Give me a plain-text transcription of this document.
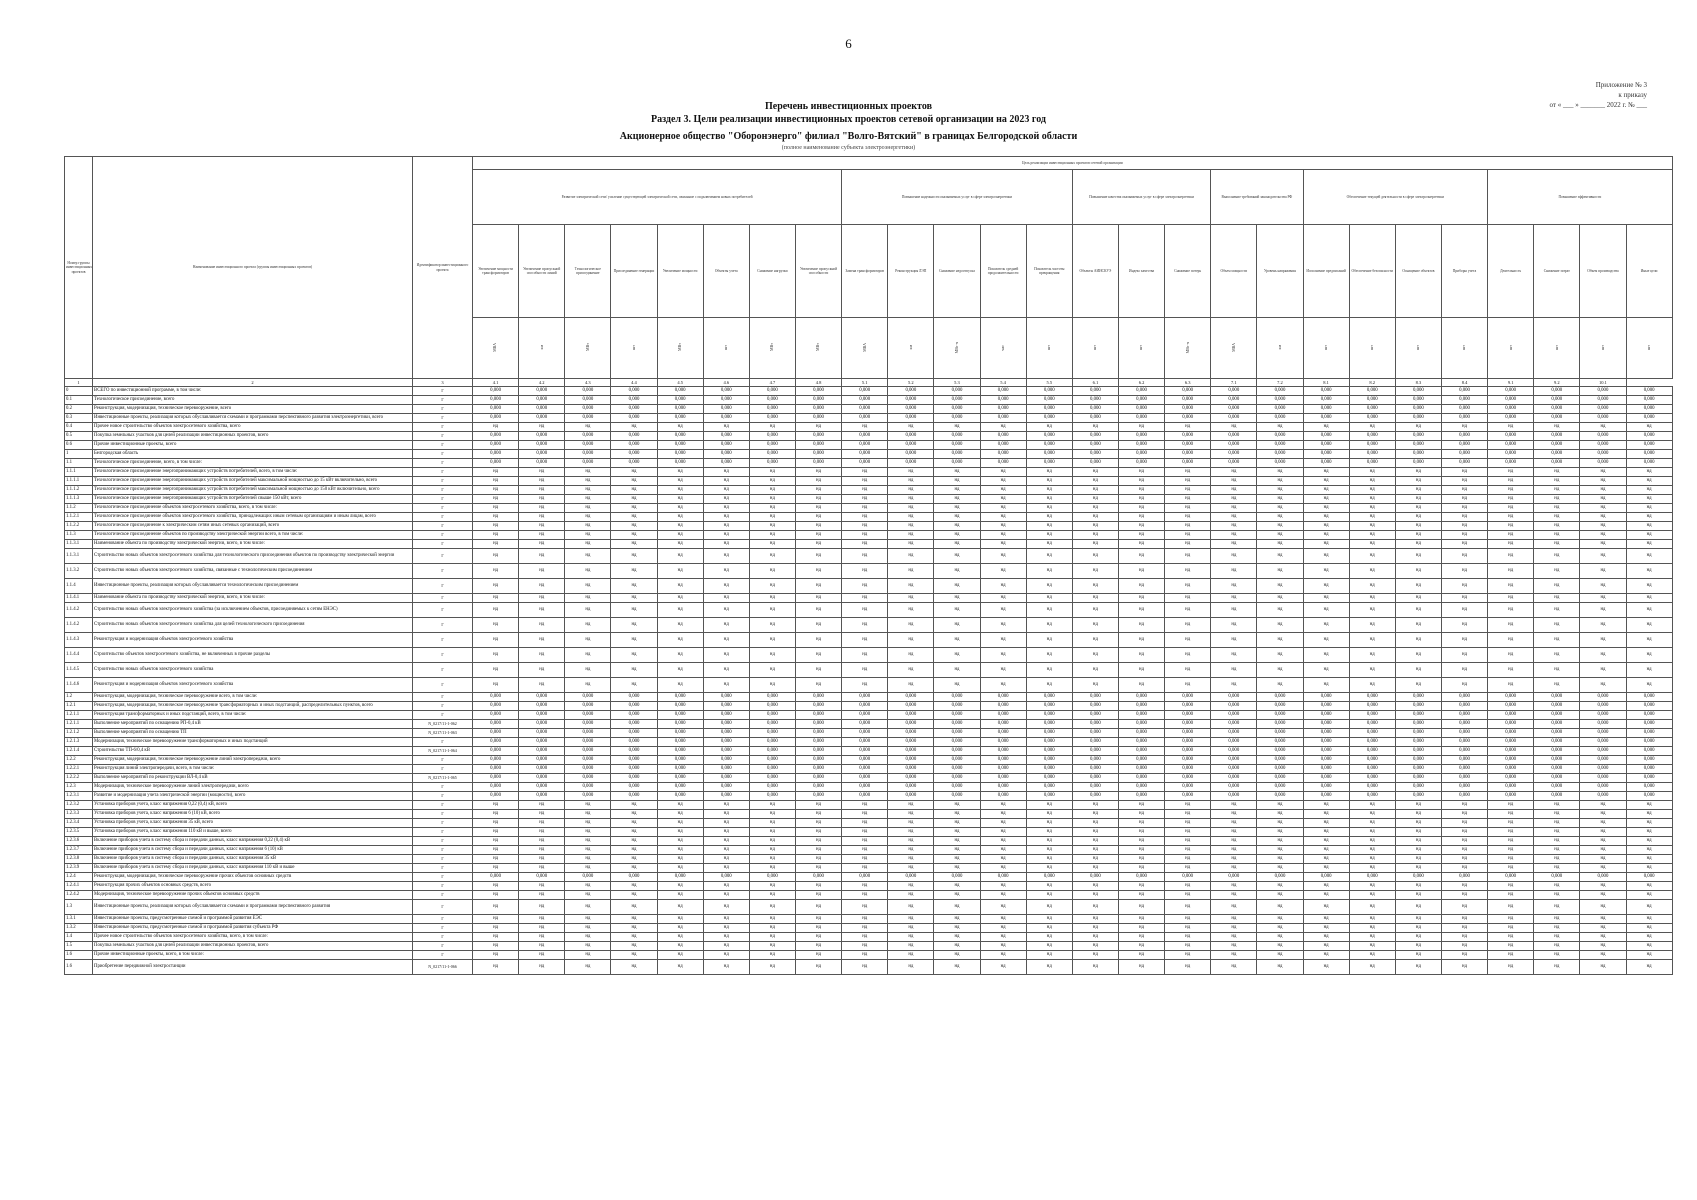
6
Приложение № 3
к приказу
от « ___ » _______ 2022 г. № ___
Перечень инвестиционных проектов
Раздел 3. Цели реализации инвестиционных проектов сетевой организации на 2023 год
Акционерное общество "Оборонэнерго" филиал "Волго-Вятский" в границах Белгородской области
(полное наименование субъекта электроэнергетики)
Номер группы инвестиционных проектов	Наименование инвестиционного проекта (группы инвестиционных проектов)	Идентификатор инвестиционного проекта	Цель реализации инвестиционных проектов сетевой организации																									
			Развитие электрической сети/ усиление существующей электрической сети, связанное с подключением новых потребителей								Повышение надежности оказываемых услуг в сфере электроэнергетики					Повышение качества оказываемых услуг в сфере электроэнергетики			Выполнение требований законодательства РФ		Обеспечение текущей деятельности в сфере электроэнергетики				Повышение эффективности			
			Увеличение мощности трансформаторов	Увеличение пропускной способности линий	Технологическое присоединение	Присоединение генерации	Увеличение мощности	Объекты учета	Снижение нагрузки	Увеличение пропускной способности	Замена трансформаторов	Реконструкция ЛЭП	Снижение недоотпуска	Показатель средней продолжительности	Показатель частоты прекращения	Объекты АИИСКУЭ	Индекс качества	Снижение потерь	Объем мощности	Уровень напряжения	Исполнение предписаний	Обеспечение безопасности	Оснащение объектов	Приборы учета	Деятельность	Снижение затрат	Объем производства	Иные цели
			МВА	км	МВт	шт	МВт	шт	МВт	МВт	МВА	км	МВт·ч	час	шт	шт	шт	МВт·ч	МВА	км	шт	шт	шт	шт	шт	шт	шт	шт
1	2	3	4.1	4.2	4.3	4.4	4.5	4.6	4.7	4.8	5.1	5.2	5.3	5.4	5.5	6.1	6.2	6.3	7.1	7.2	8.1	8.2	8.3	8.4	9.1	9.2	10.1	
0	ВСЕГО по инвестиционной программе, в том числе:	Г	0,000	0,000	0,000	0,000	0,000	0,000	0,000	0,000	0,000	0,000	0,000	0,000	0,000	0,000	0,000	0,000	0,000	0,000	0,000	0,000	0,000	0,000	0,000	0,000	0,000	0,000
0.1	Технологическое присоединение, всего	Г	0,000	0,000	0,000	0,000	0,000	0,000	0,000	0,000	0,000	0,000	0,000	0,000	0,000	0,000	0,000	0,000	0,000	0,000	0,000	0,000	0,000	0,000	0,000	0,000	0,000	0,000
0.2	Реконструкция, модернизация, техническое перевооружение, всего	Г	0,000	0,000	0,000	0,000	0,000	0,000	0,000	0,000	0,000	0,000	0,000	0,000	0,000	0,000	0,000	0,000	0,000	0,000	0,000	0,000	0,000	0,000	0,000	0,000	0,000	0,000
0.3	Инвестиционные проекты, реализация которых обуславливается схемами и программами перспективного развития электроэнергетики, всего	Г	0,000	0,000	0,000	0,000	0,000	0,000	0,000	0,000	0,000	0,000	0,000	0,000	0,000	0,000	0,000	0,000	0,000	0,000	0,000	0,000	0,000	0,000	0,000	0,000	0,000	0,000
0.4	Прочее новое строительство объектов электросетевого хозяйства, всего	Г	нд	нд	нд	нд	нд	нд	нд	нд	нд	нд	нд	нд	нд	нд	нд	нд	нд	нд	нд	нд	нд	нд	нд	нд	нд	нд
0.5	Покупка земельных участков для целей реализации инвестиционных проектов, всего	Г	0,000	0,000	0,000	0,000	0,000	0,000	0,000	0,000	0,000	0,000	0,000	0,000	0,000	0,000	0,000	0,000	0,000	0,000	0,000	0,000	0,000	0,000	0,000	0,000	0,000	0,000
0.6	Прочие инвестиционные проекты, всего	Г	0,000	0,000	0,000	0,000	0,000	0,000	0,000	0,000	0,000	0,000	0,000	0,000	0,000	0,000	0,000	0,000	0,000	0,000	0,000	0,000	0,000	0,000	0,000	0,000	0,000	0,000
1	Белгородская область	Г	0,000	0,000	0,000	0,000	0,000	0,000	0,000	0,000	0,000	0,000	0,000	0,000	0,000	0,000	0,000	0,000	0,000	0,000	0,000	0,000	0,000	0,000	0,000	0,000	0,000	0,000
1.1	Технологическое присоединение, всего, в том числе:	Г	0,000	0,000	0,000	0,000	0,000	0,000	0,000	0,000	0,000	0,000	0,000	0,000	0,000	0,000	0,000	0,000	0,000	0,000	0,000	0,000	0,000	0,000	0,000	0,000	0,000	0,000
1.1.1	Технологическое присоединение энергопринимающих устройств потребителей, всего, в том числе:	Г	нд	нд	нд	нд	нд	нд	нд	нд	нд	нд	нд	нд	нд	нд	нд	нд	нд	нд	нд	нд	нд	нд	нд	нд	нд	нд
1.1.1.1	Технологическое присоединение энергопринимающих устройств потребителей максимальной мощностью до 15 кВт включительно, всего	Г	нд	нд	нд	нд	нд	нд	нд	нд	нд	нд	нд	нд	нд	нд	нд	нд	нд	нд	нд	нд	нд	нд	нд	нд	нд	нд
1.1.1.2	Технологическое присоединение энергопринимающих устройств потребителей максимальной мощностью до 150 кВт включительно, всего	Г	нд	нд	нд	нд	нд	нд	нд	нд	нд	нд	нд	нд	нд	нд	нд	нд	нд	нд	нд	нд	нд	нд	нд	нд	нд	нд
1.1.1.3	Технологическое присоединение энергопринимающих устройств потребителей свыше 150 кВт, всего	Г	нд	нд	нд	нд	нд	нд	нд	нд	нд	нд	нд	нд	нд	нд	нд	нд	нд	нд	нд	нд	нд	нд	нд	нд	нд	нд
1.1.2	Технологическое присоединение объектов электросетевого хозяйства, всего, в том числе:	Г	нд	нд	нд	нд	нд	нд	нд	нд	нд	нд	нд	нд	нд	нд	нд	нд	нд	нд	нд	нд	нд	нд	нд	нд	нд	нд
1.1.2.1	Технологическое присоединение объектов электросетевого хозяйства, принадлежащих иным сетевым организациям и иным лицам, всего	Г	нд	нд	нд	нд	нд	нд	нд	нд	нд	нд	нд	нд	нд	нд	нд	нд	нд	нд	нд	нд	нд	нд	нд	нд	нд	нд
1.1.2.2	Технологическое присоединение к электрическим сетям иных сетевых организаций, всего	Г	нд	нд	нд	нд	нд	нд	нд	нд	нд	нд	нд	нд	нд	нд	нд	нд	нд	нд	нд	нд	нд	нд	нд	нд	нд	нд
1.1.3	Технологическое присоединение объектов по производству электрической энергии всего, в том числе:	Г	нд	нд	нд	нд	нд	нд	нд	нд	нд	нд	нд	нд	нд	нд	нд	нд	нд	нд	нд	нд	нд	нд	нд	нд	нд	нд
1.1.3.1	Наименование объекта по производству электрической энергии, всего, в том числе:	Г	нд	нд	нд	нд	нд	нд	нд	нд	нд	нд	нд	нд	нд	нд	нд	нд	нд	нд	нд	нд	нд	нд	нд	нд	нд	нд
1.1.3.1	Строительство новых объектов электросетевого хозяйства для технологического присоединения объектов по производству электрической энергии	Г	нд	нд	нд	нд	нд	нд	нд	нд	нд	нд	нд	нд	нд	нд	нд	нд	нд	нд	нд	нд	нд	нд	нд	нд	нд	нд
1.1.3.2	Строительство новых объектов электросетевого хозяйства, связанные с технологическим присоединением	Г	нд	нд	нд	нд	нд	нд	нд	нд	нд	нд	нд	нд	нд	нд	нд	нд	нд	нд	нд	нд	нд	нд	нд	нд	нд	нд
1.1.4	Инвестиционные проекты, реализация которых обуславливается технологическим присоединением	Г	нд	нд	нд	нд	нд	нд	нд	нд	нд	нд	нд	нд	нд	нд	нд	нд	нд	нд	нд	нд	нд	нд	нд	нд	нд	нд
1.1.4.1	Наименование объекта по производству электрической энергии, всего, в том числе:	Г	нд	нд	нд	нд	нд	нд	нд	нд	нд	нд	нд	нд	нд	нд	нд	нд	нд	нд	нд	нд	нд	нд	нд	нд	нд	нд
1.1.4.2	Строительство новых объектов электросетевого хозяйства (за исключением объектов, присоединяемых к сетям ЕНЭС)	Г	нд	нд	нд	нд	нд	нд	нд	нд	нд	нд	нд	нд	нд	нд	нд	нд	нд	нд	нд	нд	нд	нд	нд	нд	нд	нд
1.1.4.2	Строительство новых объектов электросетевого хозяйства для целей технологического присоединения	Г	нд	нд	нд	нд	нд	нд	нд	нд	нд	нд	нд	нд	нд	нд	нд	нд	нд	нд	нд	нд	нд	нд	нд	нд	нд	нд
1.1.4.3	Реконструкция и модернизация объектов электросетевого хозяйства	Г	нд	нд	нд	нд	нд	нд	нд	нд	нд	нд	нд	нд	нд	нд	нд	нд	нд	нд	нд	нд	нд	нд	нд	нд	нд	нд
1.1.4.4	Строительство объектов электросетевого хозяйства, не включенных в прочие разделы	Г	нд	нд	нд	нд	нд	нд	нд	нд	нд	нд	нд	нд	нд	нд	нд	нд	нд	нд	нд	нд	нд	нд	нд	нд	нд	нд
1.1.4.5	Строительство новых объектов электросетевого хозяйства	Г	нд	нд	нд	нд	нд	нд	нд	нд	нд	нд	нд	нд	нд	нд	нд	нд	нд	нд	нд	нд	нд	нд	нд	нд	нд	нд
1.1.4.6	Реконструкция и модернизация объектов электросетевого хозяйства	Г	нд	нд	нд	нд	нд	нд	нд	нд	нд	нд	нд	нд	нд	нд	нд	нд	нд	нд	нд	нд	нд	нд	нд	нд	нд	нд
1.2	Реконструкция, модернизация, техническое перевооружение всего, в том числе:	Г	0,000	0,000	0,000	0,000	0,000	0,000	0,000	0,000	0,000	0,000	0,000	0,000	0,000	0,000	0,000	0,000	0,000	0,000	0,000	0,000	0,000	0,000	0,000	0,000	0,000	0,000
1.2.1	Реконструкция, модернизация, техническое перевооружение трансформаторных и иных подстанций, распределительных пунктов, всего	Г	0,000	0,000	0,000	0,000	0,000	0,000	0,000	0,000	0,000	0,000	0,000	0,000	0,000	0,000	0,000	0,000	0,000	0,000	0,000	0,000	0,000	0,000	0,000	0,000	0,000	0,000
1.2.1.1	Реконструкция трансформаторных и иных подстанций, всего, в том числе:	Г	0,000	0,000	0,000	0,000	0,000	0,000	0,000	0,000	0,000	0,000	0,000	0,000	0,000	0,000	0,000	0,000	0,000	0,000	0,000	0,000	0,000	0,000	0,000	0,000	0,000	0,000
1.2.1.1	Выполнение мероприятий по оснащению РП-0,4 кВ	N_0217/11-1-062	0,000	0,000	0,000	0,000	0,000	0,000	0,000	0,000	0,000	0,000	0,000	0,000	0,000	0,000	0,000	0,000	0,000	0,000	0,000	0,000	0,000	0,000	0,000	0,000	0,000	0,000
1.2.1.2	Выполнение мероприятий по оснащению ТП	N_0217/11-1-063	0,000	0,000	0,000	0,000	0,000	0,000	0,000	0,000	0,000	0,000	0,000	0,000	0,000	0,000	0,000	0,000	0,000	0,000	0,000	0,000	0,000	0,000	0,000	0,000	0,000	0,000
1.2.1.3	Модернизация, техническое перевооружение трансформаторных и иных подстанций	Г	0,000	0,000	0,000	0,000	0,000	0,000	0,000	0,000	0,000	0,000	0,000	0,000	0,000	0,000	0,000	0,000	0,000	0,000	0,000	0,000	0,000	0,000	0,000	0,000	0,000	0,000
1.2.1.4	Строительство ТП-6/0,4 кВ	N_0217/11-1-064	0,000	0,000	0,000	0,000	0,000	0,000	0,000	0,000	0,000	0,000	0,000	0,000	0,000	0,000	0,000	0,000	0,000	0,000	0,000	0,000	0,000	0,000	0,000	0,000	0,000	0,000
1.2.2	Реконструкция, модернизация, техническое перевооружение линий электропередачи, всего	Г	0,000	0,000	0,000	0,000	0,000	0,000	0,000	0,000	0,000	0,000	0,000	0,000	0,000	0,000	0,000	0,000	0,000	0,000	0,000	0,000	0,000	0,000	0,000	0,000	0,000	0,000
1.2.2.1	Реконструкция линий электропередачи, всего, в том числе:	Г	0,000	0,000	0,000	0,000	0,000	0,000	0,000	0,000	0,000	0,000	0,000	0,000	0,000	0,000	0,000	0,000	0,000	0,000	0,000	0,000	0,000	0,000	0,000	0,000	0,000	0,000
1.2.2.2	Выполнение мероприятий по реконструкции ВЛ-0,4 кВ	N_0217/11-1-065	0,000	0,000	0,000	0,000	0,000	0,000	0,000	0,000	0,000	0,000	0,000	0,000	0,000	0,000	0,000	0,000	0,000	0,000	0,000	0,000	0,000	0,000	0,000	0,000	0,000	0,000
1.2.3	Модернизация, техническое перевооружение линий электропередачи, всего	Г	0,000	0,000	0,000	0,000	0,000	0,000	0,000	0,000	0,000	0,000	0,000	0,000	0,000	0,000	0,000	0,000	0,000	0,000	0,000	0,000	0,000	0,000	0,000	0,000	0,000	0,000
1.2.3.1	Развитие и модернизация учета электрической энергии (мощности), всего	Г	0,000	0,000	0,000	0,000	0,000	0,000	0,000	0,000	0,000	0,000	0,000	0,000	0,000	0,000	0,000	0,000	0,000	0,000	0,000	0,000	0,000	0,000	0,000	0,000	0,000	0,000
1.2.3.2	Установка приборов учета, класс напряжения 0,22 (0,4) кВ, всего	Г	нд	нд	нд	нд	нд	нд	нд	нд	нд	нд	нд	нд	нд	нд	нд	нд	нд	нд	нд	нд	нд	нд	нд	нд	нд	нд
1.2.3.3	Установка приборов учета, класс напряжения 6 (10) кВ, всего	Г	нд	нд	нд	нд	нд	нд	нд	нд	нд	нд	нд	нд	нд	нд	нд	нд	нд	нд	нд	нд	нд	нд	нд	нд	нд	нд
1.2.3.4	Установка приборов учета, класс напряжения 35 кВ, всего	Г	нд	нд	нд	нд	нд	нд	нд	нд	нд	нд	нд	нд	нд	нд	нд	нд	нд	нд	нд	нд	нд	нд	нд	нд	нд	нд
1.2.3.5	Установка приборов учета, класс напряжения 110 кВ и выше, всего	Г	нд	нд	нд	нд	нд	нд	нд	нд	нд	нд	нд	нд	нд	нд	нд	нд	нд	нд	нд	нд	нд	нд	нд	нд	нд	нд
1.2.3.6	Включение приборов учета в систему сбора и передачи данных, класс напряжения 0,22 (0,4) кВ	Г	нд	нд	нд	нд	нд	нд	нд	нд	нд	нд	нд	нд	нд	нд	нд	нд	нд	нд	нд	нд	нд	нд	нд	нд	нд	нд
1.2.3.7	Включение приборов учета в систему сбора и передачи данных, класс напряжения 6 (10) кВ	Г	нд	нд	нд	нд	нд	нд	нд	нд	нд	нд	нд	нд	нд	нд	нд	нд	нд	нд	нд	нд	нд	нд	нд	нд	нд	нд
1.2.3.8	Включение приборов учета в систему сбора и передачи данных, класс напряжения 35 кВ	Г	нд	нд	нд	нд	нд	нд	нд	нд	нд	нд	нд	нд	нд	нд	нд	нд	нд	нд	нд	нд	нд	нд	нд	нд	нд	нд
1.2.3.9	Включение приборов учета в систему сбора и передачи данных, класс напряжения 110 кВ и выше	Г	нд	нд	нд	нд	нд	нд	нд	нд	нд	нд	нд	нд	нд	нд	нд	нд	нд	нд	нд	нд	нд	нд	нд	нд	нд	нд
1.2.4	Реконструкция, модернизация, техническое перевооружение прочих объектов основных средств	Г	0,000	0,000	0,000	0,000	0,000	0,000	0,000	0,000	0,000	0,000	0,000	0,000	0,000	0,000	0,000	0,000	0,000	0,000	0,000	0,000	0,000	0,000	0,000	0,000	0,000	0,000
1.2.4.1	Реконструкция прочих объектов основных средств, всего	Г	нд	нд	нд	нд	нд	нд	нд	нд	нд	нд	нд	нд	нд	нд	нд	нд	нд	нд	нд	нд	нд	нд	нд	нд	нд	нд
1.2.4.2	Модернизация, техническое перевооружение прочих объектов основных средств	Г	нд	нд	нд	нд	нд	нд	нд	нд	нд	нд	нд	нд	нд	нд	нд	нд	нд	нд	нд	нд	нд	нд	нд	нд	нд	нд
1.3	Инвестиционные проекты, реализация которых обуславливается схемами и программами перспективного развития	Г	нд	нд	нд	нд	нд	нд	нд	нд	нд	нд	нд	нд	нд	нд	нд	нд	нд	нд	нд	нд	нд	нд	нд	нд	нд	нд
1.3.1	Инвестиционные проекты, предусмотренные схемой и программой развития ЕЭС	Г	нд	нд	нд	нд	нд	нд	нд	нд	нд	нд	нд	нд	нд	нд	нд	нд	нд	нд	нд	нд	нд	нд	нд	нд	нд	нд
1.3.2	Инвестиционные проекты, предусмотренные схемой и программой развития субъекта РФ	Г	нд	нд	нд	нд	нд	нд	нд	нд	нд	нд	нд	нд	нд	нд	нд	нд	нд	нд	нд	нд	нд	нд	нд	нд	нд	нд
1.4	Прочее новое строительство объектов электросетевого хозяйства, всего, в том числе:	Г	нд	нд	нд	нд	нд	нд	нд	нд	нд	нд	нд	нд	нд	нд	нд	нд	нд	нд	нд	нд	нд	нд	нд	нд	нд	нд
1.5	Покупка земельных участков для целей реализации инвестиционных проектов, всего	Г	нд	нд	нд	нд	нд	нд	нд	нд	нд	нд	нд	нд	нд	нд	нд	нд	нд	нд	нд	нд	нд	нд	нд	нд	нд	нд
1.6	Прочие инвестиционные проекты, всего, в том числе:	Г	нд	нд	нд	нд	нд	нд	нд	нд	нд	нд	нд	нд	нд	нд	нд	нд	нд	нд	нд	нд	нд	нд	нд	нд	нд	нд
1.6	Приобретение передвижной электростанции	N_0217/11-1-066	нд	нд	нд	нд	нд	нд	нд	нд	нд	нд	нд	нд	нд	нд	нд	нд	нд	нд	нд	нд	нд	нд	нд	нд	нд	нд
